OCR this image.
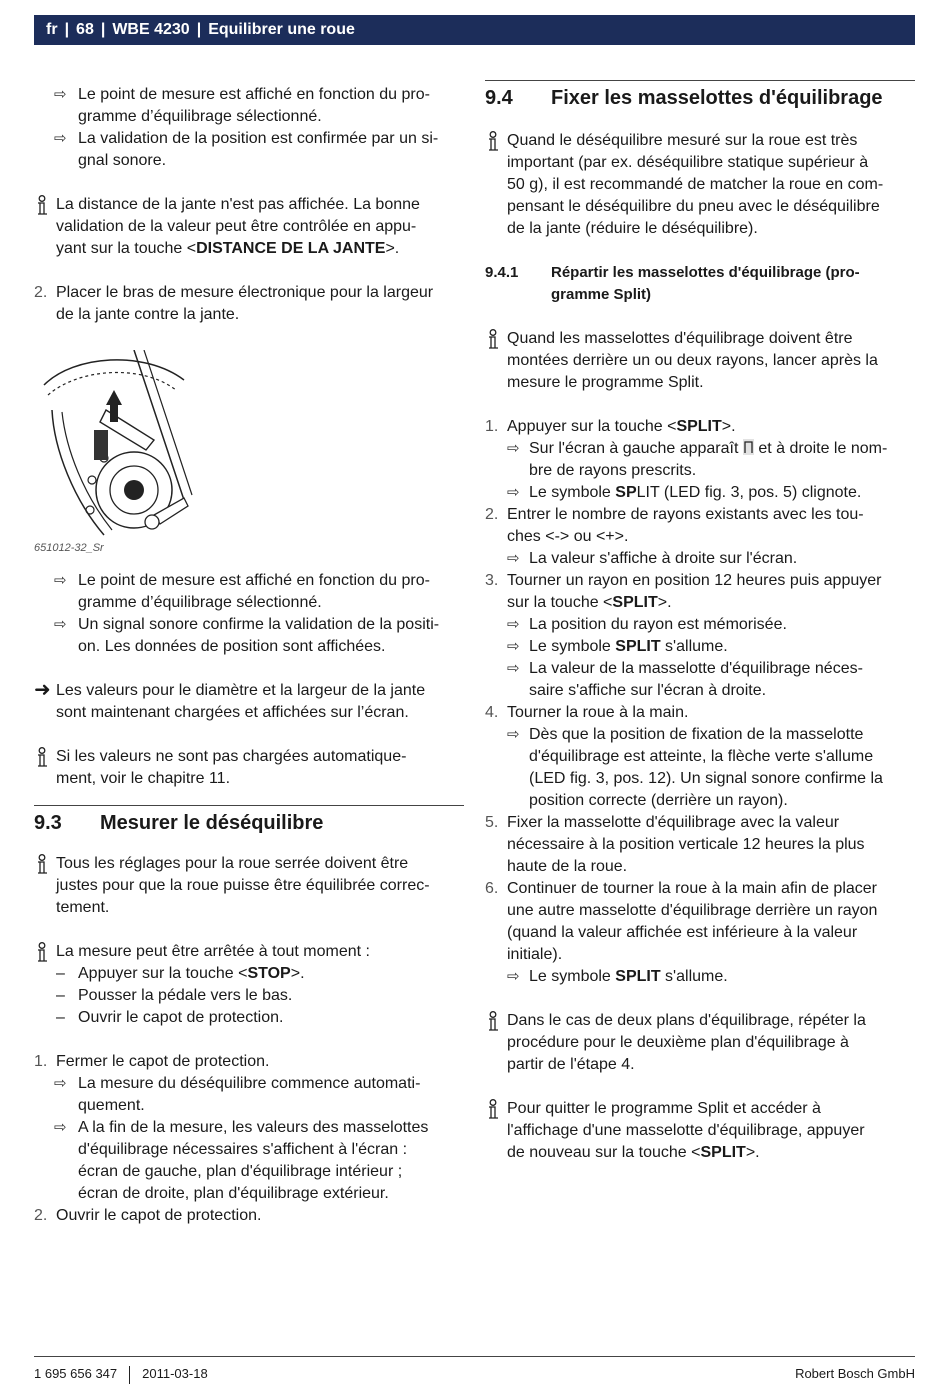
fr | 68 | WBE 4230 | Equilibrer une roue
⇨ Le point de mesure est affiché en fonction du pro-
gramme d’équilibrage sélectionné.
⇨ La validation de la position est confirmée par un si-
gnal sonore.
La distance de la jante n'est pas affichée. La bonne
validation de la valeur peut être contrôlée en appu-
yant sur la touche <DISTANCE DE LA JANTE>.
2. Placer le bras de mesure électronique pour la largeur
de la jante contre la jante.
651012-32_Sr
⇨ Le point de mesure est affiché en fonction du pro-
gramme d’équilibrage sélectionné.
⇨ Un signal sonore confirme la validation de la positi-
on. Les données de position sont affichées.
➜ Les valeurs pour le diamètre et la largeur de la jante
sont maintenant chargées et affichées sur l’écran.
Si les valeurs ne sont pas chargées automatique-
ment, voir le chapitre 11.
9.3 Mesurer le déséquilibre
Tous les réglages pour la roue serrée doivent être
justes pour que la roue puisse être équilibrée correc-
tement.
La mesure peut être arrêtée à tout moment :
– Appuyer sur la touche <STOP>.
– Pousser la pédale vers le bas.
– Ouvrir le capot de protection.
1. Fermer le capot de protection.
⇨ La mesure du déséquilibre commence automati-
quement.
⇨ A la fin de la mesure, les valeurs des masselottes
d'équilibrage nécessaires s'affichent à l'écran :
écran de gauche, plan d'équilibrage intérieur ;
écran de droite, plan d'équilibrage extérieur.
2. Ouvrir le capot de protection.
9.4 Fixer les masselottes d'équilibrage
Quand le déséquilibre mesuré sur la roue est très
important (par ex. déséquilibre statique supérieur à
50 g), il est recommandé de matcher la roue en com-
pensant le déséquilibre du pneu avec le déséquilibre
de la jante (réduire le déséquilibre).
9.4.1	Répartir les masselottes d'équilibrage (pro-
gramme Split)
Quand les masselottes d'équilibrage doivent être
montées derrière un ou deux rayons, lancer après la
mesure le programme Split.
1. Appuyer sur la touche <SPLIT>.
⇨ Sur l'écran à gauche apparaît et à droite le nom-
bre de rayons prescrits.
⇨ Le symbole SPLIT (LED fig. 3, pos. 5) clignote.
2. Entrer le nombre de rayons existants avec les tou-
ches <-> ou <+>.
⇨ La valeur s'affiche à droite sur l'écran.
3. Tourner un rayon en position 12 heures puis appuyer
sur la touche <SPLIT>.
⇨ La position du rayon est mémorisée.
⇨ Le symbole SPLIT s'allume.
⇨ La valeur de la masselotte d'équilibrage néces-
saire s'affiche sur l'écran à droite.
4. Tourner la roue à la main.
⇨ Dès que la position de fixation de la masselotte
d'équilibrage est atteinte, la flèche verte s'allume
(LED fig. 3, pos. 12). Un signal sonore confirme la
position correcte (derrière un rayon).
5. Fixer la masselotte d'équilibrage avec la valeur
nécessaire à la position verticale 12 heures la plus
haute de la roue.
6. Continuer de tourner la roue à la main afin de placer
une autre masselotte d'équilibrage derrière un rayon
(quand la valeur affichée est inférieure à la valeur
initiale).
⇨ Le symbole SPLIT s'allume.
Dans le cas de deux plans d'équilibrage, répéter la
procédure pour le deuxième plan d'équilibrage à
partir de l'étape 4.
Pour quitter le programme Split et accéder à
l'affichage d'une masselotte d'équilibrage, appuyer
de nouveau sur la touche <SPLIT>.
1 695 656 347 2011-03-18	Robert Bosch GmbH
